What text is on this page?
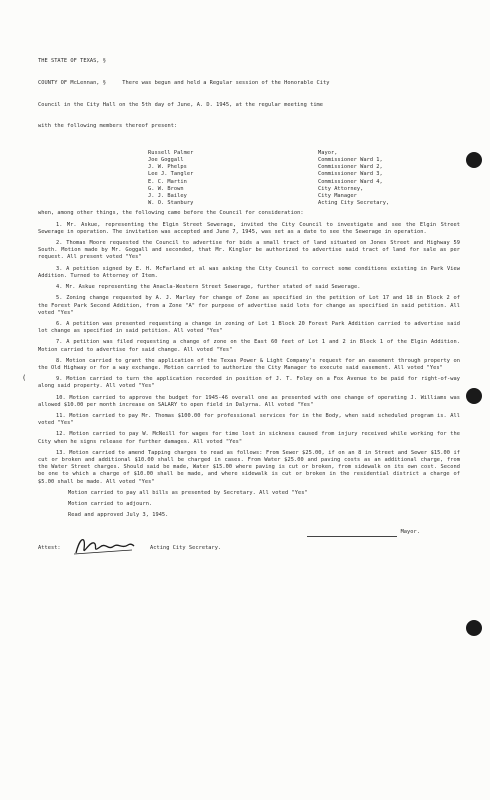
THE STATE OF TEXAS, §

COUNTY OF McLennan, §     There was begun and held a Regular session of the Honorable City

Council in the City Hall on the 5th day of June, A. D. 1945, at the regular meeting time

with the following members thereof present:

Russell Palmer	Mayor,
Joe Goggall	Commissioner Ward 1,
J. W. Phelps	Commissioner Ward 2,
Lee J. Tangler	Commissioner Ward 3,
E. C. Martin	Commissioner Ward 4,
G. W. Brown	City Attorney,
J. J. Bailey	City Manager
W. O. Stanbury	Acting City Secretary,

when, among other things, the following came before the Council for consideration:

1. Mr. Askue, representing the Elgin Street Sewerage, invited the City Council to investigate and see the Elgin Street Sewerage in operation. The invitation was accepted and June 7, 1945, was set as a date to see the Sewerage in operation.

2. Thomas Moore requested the Council to advertise for bids a small tract of land situated on Jones Street and Highway 59 South. Motion made by Mr. Goggall and seconded, that Mr. Kingler be authorized to advertise said tract of land for sale as per request. All present voted "Yes"

3. A petition signed by E. H. McFarland et al was asking the City Council to correct some conditions existing in Park View Addition. Turned to Attorney of Item.

4. Mr. Askue representing the Anacla-Western Street Sewerage, further stated of said Sewerage.

5. Zoning change requested by A. J. Marley for change of Zone as specified in the petition of Lot 17 and 18 in Block 2 of the Forest Park Second Addition, from a Zone "A" for purpose of advertise said lots for change as specified in said petition. All voted "Yes"

6. A petition was presented requesting a change in zoning of Lot 1 Block 20 Forest Park Addition carried to advertise said lot change as specified in said petition. All voted "Yes"

7. A petition was filed requesting a change of zone on the East 60 feet of Lot 1 and 2 in Block 1 of the Elgin Addition. Motion carried to advertise for said change. All voted "Yes"

8. Motion carried to grant the application of the Texas Power & Light Company's request for an easement through property on the Old Highway or for a way exchange. Motion carried to authorize the City Manager to execute said easement. All voted "Yes"

9. Motion carried to turn the application recorded in position of J. T. Foley on a Fox Avenue to be paid for right-of-way along said property. All voted "Yes"

10. Motion carried to approve the budget for 1945-46 overall one as presented with one change of operating J. Williams was allowed $10.00 per month increase on SALARY to open field in Dalyrna. All voted "Yes"

11. Motion carried to pay Mr. Thomas $100.00 for professional services for in the Body, when said scheduled program is. All voted "Yes"

12. Motion carried to pay W. McNeill for wages for time lost in sickness caused from injury received while working for the City when he signs release for further damages. All voted "Yes"

13. Motion carried to amend Tapping charges to read as follows: From Sewer $25.00, if on an 8 in Street and Sewer $15.00 if cut or broken and additional $10.00 shall be charged in cases. From Water $25.00 and paving costs as an additional charge, from the Water Street charges. Should said be made, Water $15.00 where paving is cut or broken, from sidewalk on its own cost. Second be one to which a charge of $10.00 shall be made, and where sidewalk is cut or broken in the residential district a charge of $5.00 shall be made. All voted "Yes"

Motion carried to pay all bills as presented by Secretary. All voted "Yes"

Motion carried to adjourn.

Read and approved July 3, 1945.

Mayor.
Attest:	Acting City Secretary.
(
